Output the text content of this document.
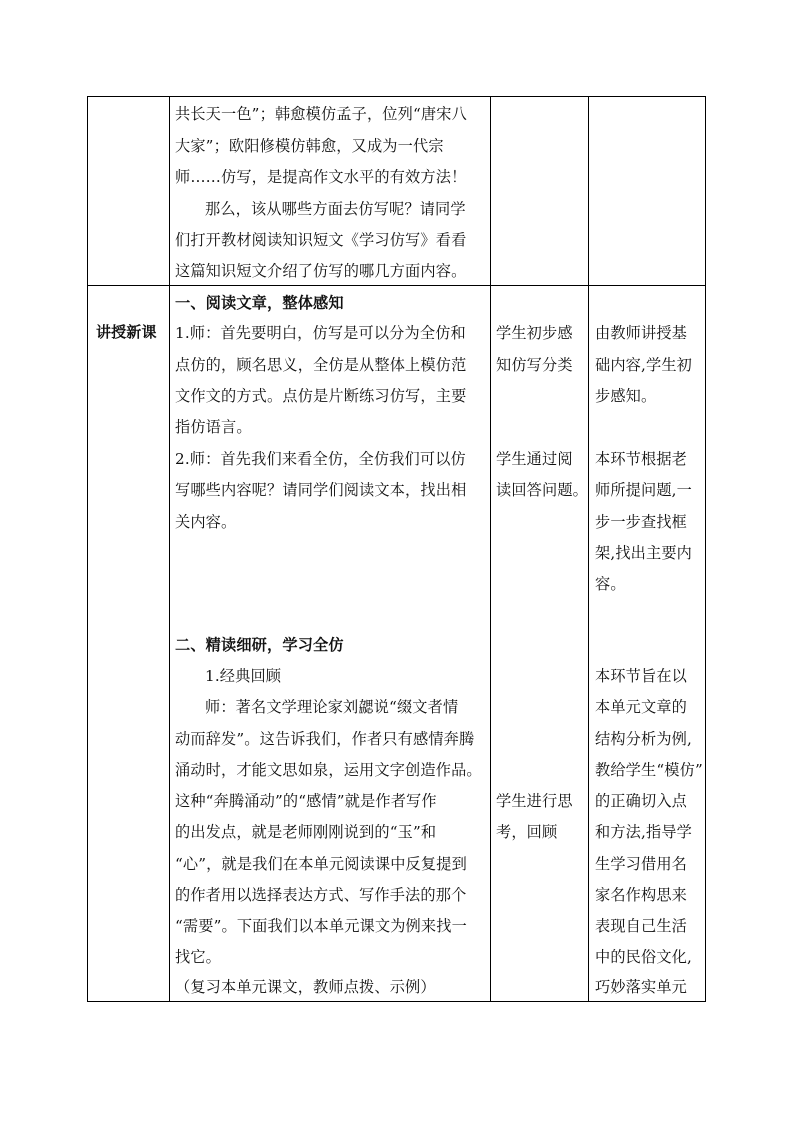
共长天一色”；韩愈模仿孟子，位列“唐宋八
大家”；欧阳修模仿韩愈，又成为一代宗
师……仿写，是提高作文水平的有效方法！
那么，该从哪些方面去仿写呢？请同学
们打开教材阅读知识短文《学习仿写》看看
这篇知识短文介绍了仿写的哪几方面内容。
讲授新课
一、阅读文章，整体感知
1.师：首先要明白，仿写是可以分为全仿和
点仿的，顾名思义，全仿是从整体上模仿范
文作文的方式。点仿是片断练习仿写，主要
指仿语言。
2.师：首先我们来看全仿，全仿我们可以仿
写哪些内容呢？请同学们阅读文本，找出相
关内容。
二、精读细研，学习全仿
1.经典回顾
师：著名文学理论家刘勰说“缀文者情
动而辞发”。这告诉我们，作者只有感情奔腾
涌动时，才能文思如泉，运用文字创造作品。
这种“奔腾涌动”的“感情”就是作者写作
的出发点，就是老师刚刚说到的“玉”和
“心”，就是我们在本单元阅读课中反复提到
的作者用以选择表达方式、写作手法的那个
“需要”。下面我们以本单元课文为例来找一
找它。
（复习本单元课文，教师点拨、示例）
学生初步感
知仿写分类
学生通过阅
读回答问题。
学生进行思
考，回顾
由教师讲授基
础内容,学生初
步感知。
本环节根据老
师所提问题,一
步一步查找框
架,找出主要内
容。
本环节旨在以
本单元文章的
结构分析为例,
教给学生“模仿”
的正确切入点
和方法,指导学
生学习借用名
家名作构思来
表现自己生活
中的民俗文化,
巧妙落实单元
